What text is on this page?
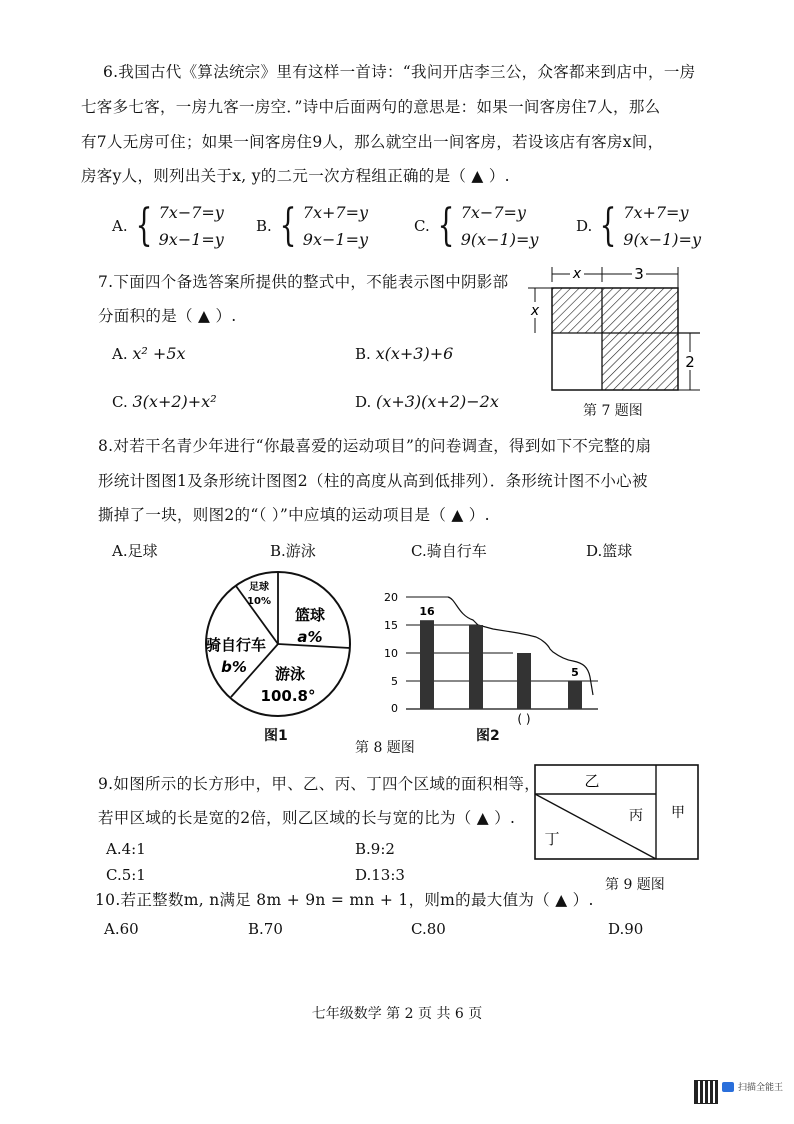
6.我国古代《算法统宗》里有这样一首诗：“我问开店李三公，众客都来到店中，一房
七客多七客，一房九客一房空．”诗中后面两句的意思是：如果一间客房住7人，那么
有7人无房可住；如果一间客房住9人，那么就空出一间客房，若设该店有客房x间，
房客y人，则列出关于x, y的二元一次方程组正确的是（ ▲ ）.
A. { 7x−7=y
9x−1=y
B. { 7x+7=y
9x−1=y
C. { 7x−7=y
9(x−1)=y
D. { 7x+7=y
9(x−1)=y
7.下面四个备选答案所提供的整式中，不能表示图中阴影部
分面积的是（ ▲ ）.
A. x² +5x	B. x(x+3)+6
C. 3(x+2)+x²	D. (x+3)(x+2)−2x
x	3
x
2
第 7 题图
8.对若干名青少年进行“你最喜爱的运动项目”的问卷调查，得到如下不完整的扇
形统计图图1及条形统计图图2（柱的高度从高到低排列）．条形统计图不小心被
撕掉了一块，则图2的“（ ）”中应填的运动项目是（ ▲ ）.
A.足球	B.游泳	C.骑自行车	D.篮球
足球
10%
篮球
a%
骑自行车
b% 游泳
100.8°
图1
20
15
10
5
0
16
5
( )
图2
第 8 题图
9.如图所示的长方形中，甲、乙、丙、丁四个区域的面积相等，
若甲区域的长是宽的2倍，则乙区域的长与宽的比为（ ▲ ）.
A.4:1	B.9:2
C.5:1	D.13:3
乙
丙
丁
甲
第 9 题图
10.若正整数m, n满足 8m + 9n = mn + 1，则m的最大值为（ ▲ ）.
A.60	B.70	C.80	D.90
七年级数学 第 2 页 共 6 页
扫描全能王
